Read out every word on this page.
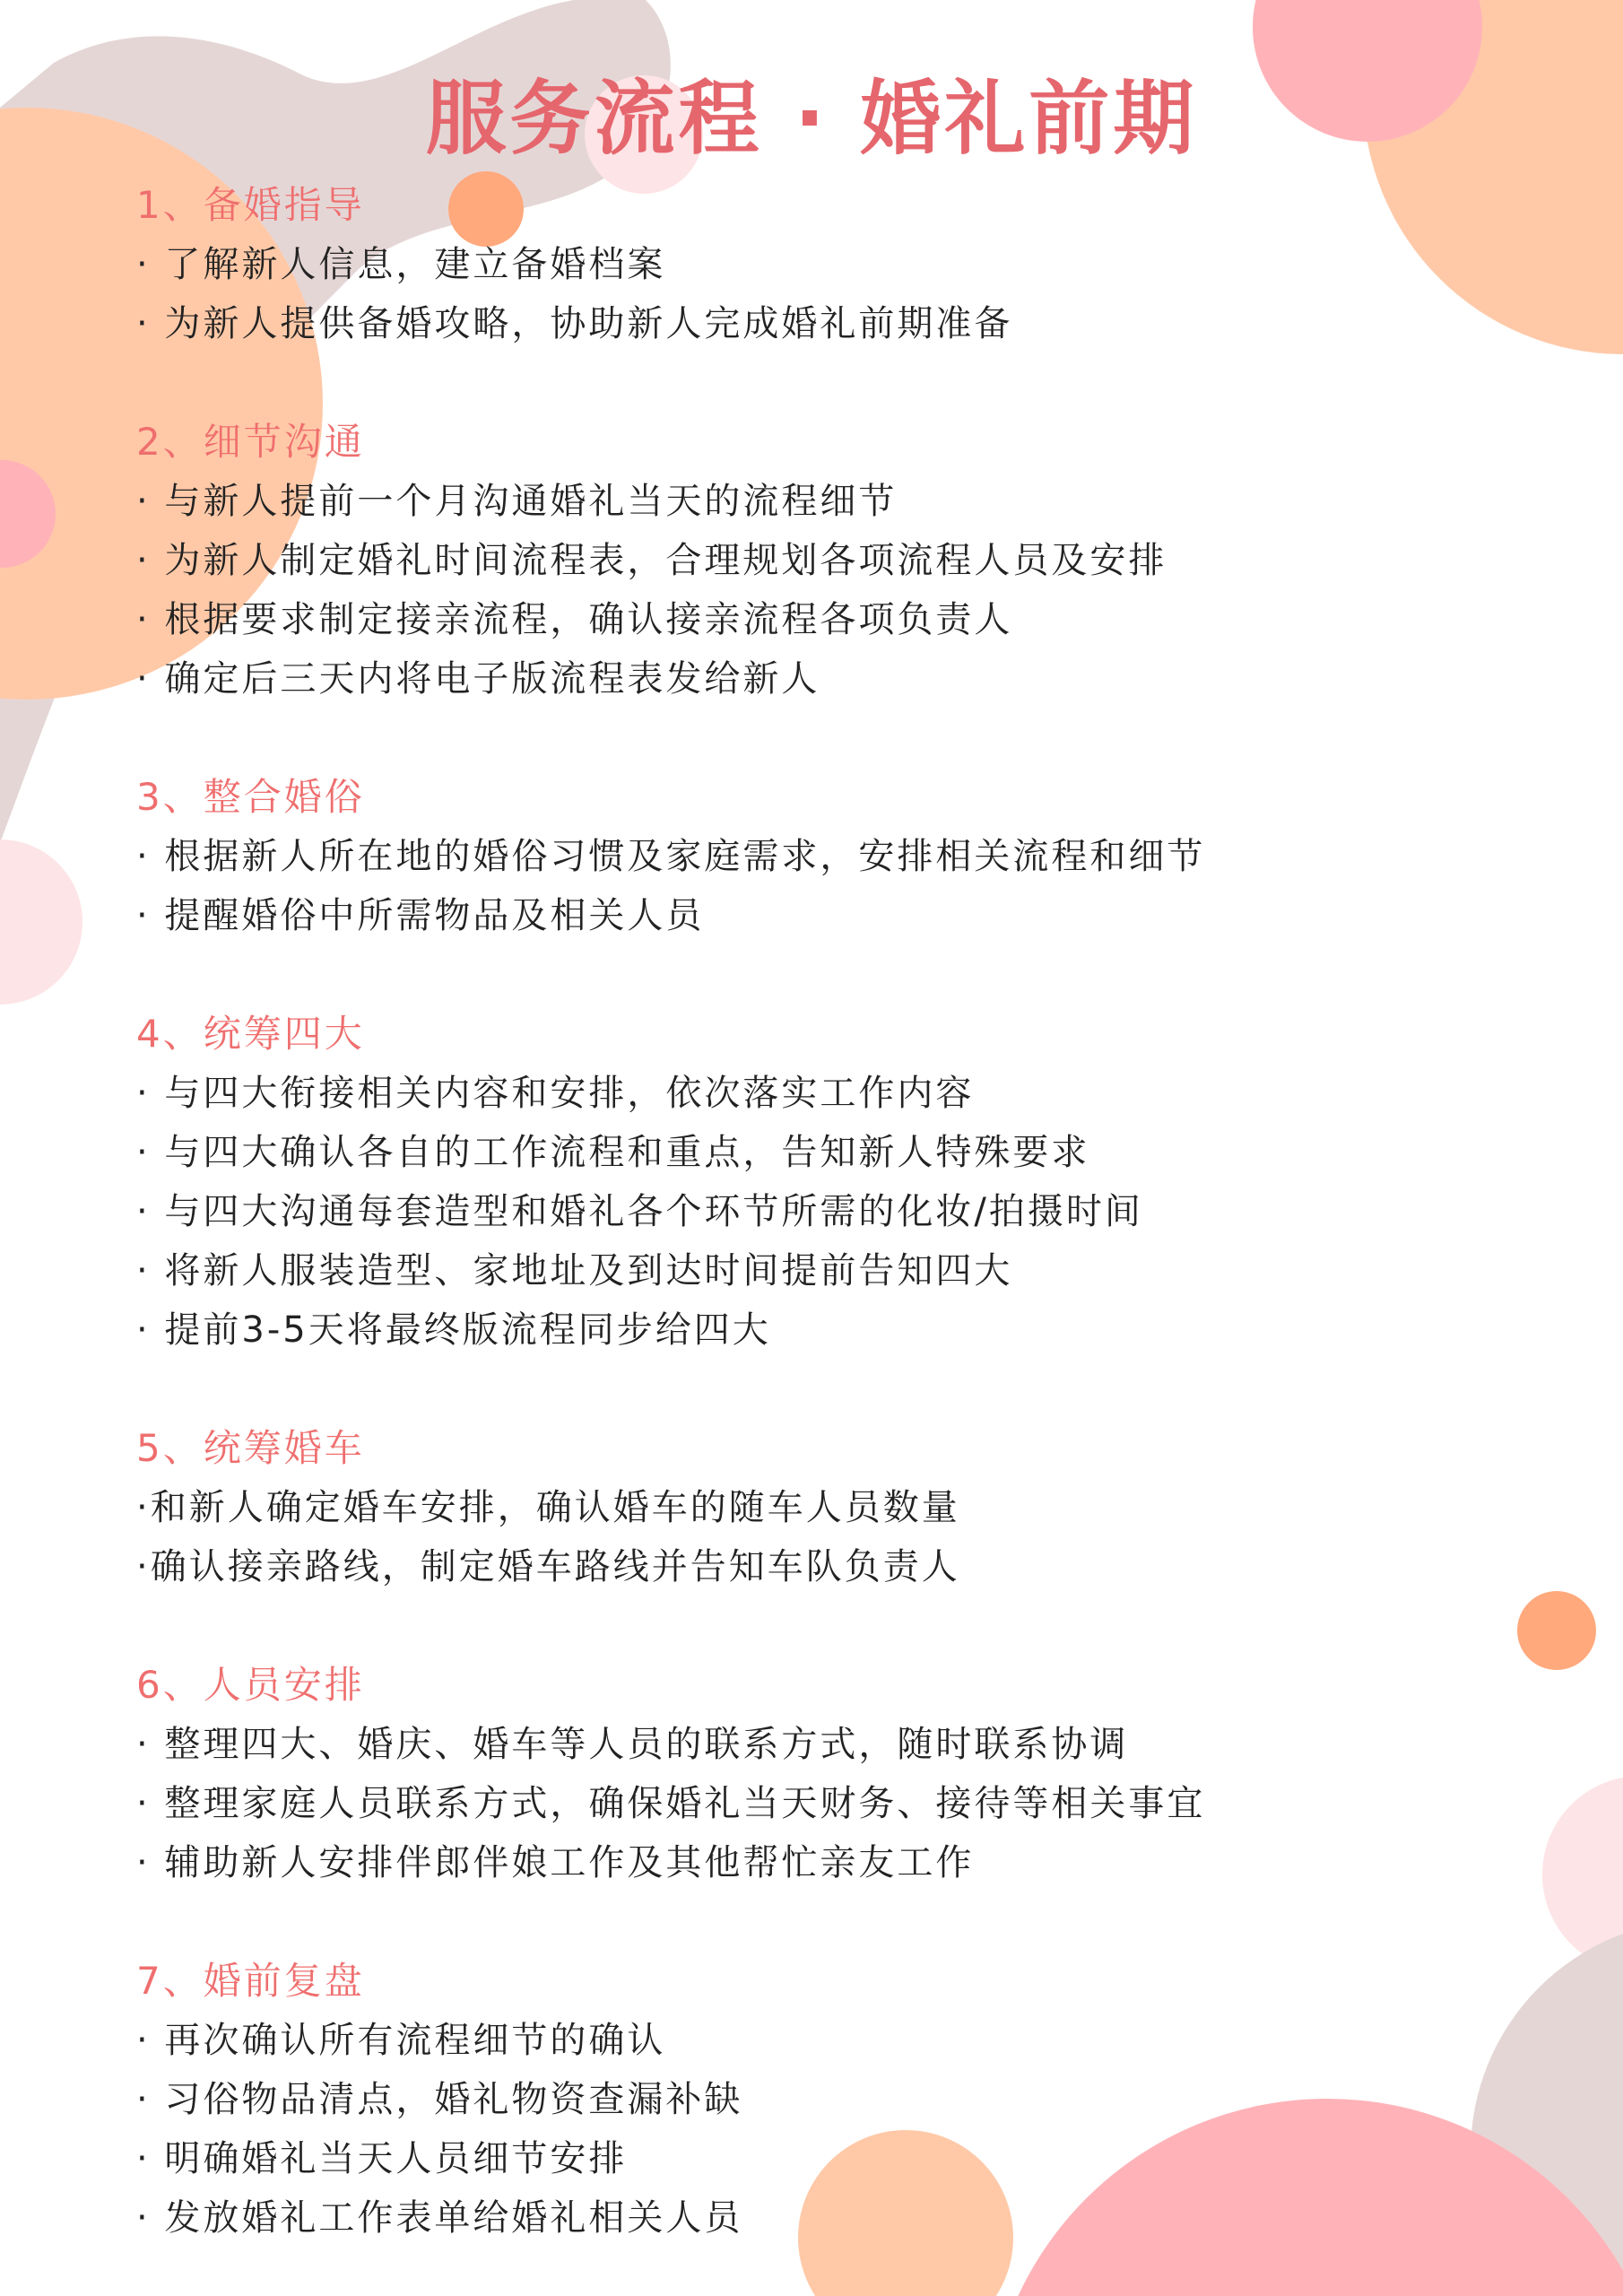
服务流程 · 婚礼前期
1、备婚指导
· 了解新人信息，建立备婚档案
· 为新人提供备婚攻略，协助新人完成婚礼前期准备
2、细节沟通
· 与新人提前一个月沟通婚礼当天的流程细节
· 为新人制定婚礼时间流程表，合理规划各项流程人员及安排
· 根据要求制定接亲流程，确认接亲流程各项负责人
· 确定后三天内将电子版流程表发给新人
3、整合婚俗
· 根据新人所在地的婚俗习惯及家庭需求，安排相关流程和细节
· 提醒婚俗中所需物品及相关人员
4、统筹四大
· 与四大衔接相关内容和安排，依次落实工作内容
· 与四大确认各自的工作流程和重点，告知新人特殊要求
· 与四大沟通每套造型和婚礼各个环节所需的化妆/拍摄时间
· 将新人服装造型、家地址及到达时间提前告知四大
· 提前3-5天将最终版流程同步给四大
5、统筹婚车
·和新人确定婚车安排，确认婚车的随车人员数量
·确认接亲路线，制定婚车路线并告知车队负责人
6、人员安排
· 整理四大、婚庆、婚车等人员的联系方式，随时联系协调
· 整理家庭人员联系方式，确保婚礼当天财务、接待等相关事宜
· 辅助新人安排伴郎伴娘工作及其他帮忙亲友工作
7、婚前复盘
· 再次确认所有流程细节的确认
· 习俗物品清点，婚礼物资查漏补缺
· 明确婚礼当天人员细节安排
· 发放婚礼工作表单给婚礼相关人员
